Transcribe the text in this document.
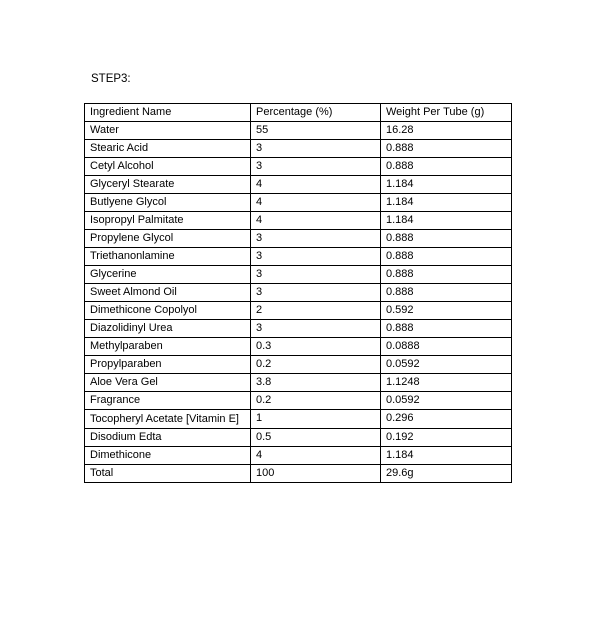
STEP3:

Ingredient Name	Percentage (%)	Weight Per Tube (g)
Water	55	16.28
Stearic Acid	3	0.888
Cetyl Alcohol	3	0.888
Glyceryl Stearate	4	1.184
Butlyene Glycol	4	1.184
Isopropyl Palmitate	4	1.184
Propylene Glycol	3	0.888
Triethanonlamine	3	0.888
Glycerine	3	0.888
Sweet Almond Oil	3	0.888
Dimethicone Copolyol	2	0.592
Diazolidinyl Urea	3	0.888
Methylparaben	0.3	0.0888
Propylparaben	0.2	0.0592
Aloe Vera Gel	3.8	1.1248
Fragrance	0.2	0.0592
Tocopheryl Acetate [Vitamin E]	1	0.296
Disodium Edta	0.5	0.192
Dimethicone	4	1.184
Total	100	29.6g
